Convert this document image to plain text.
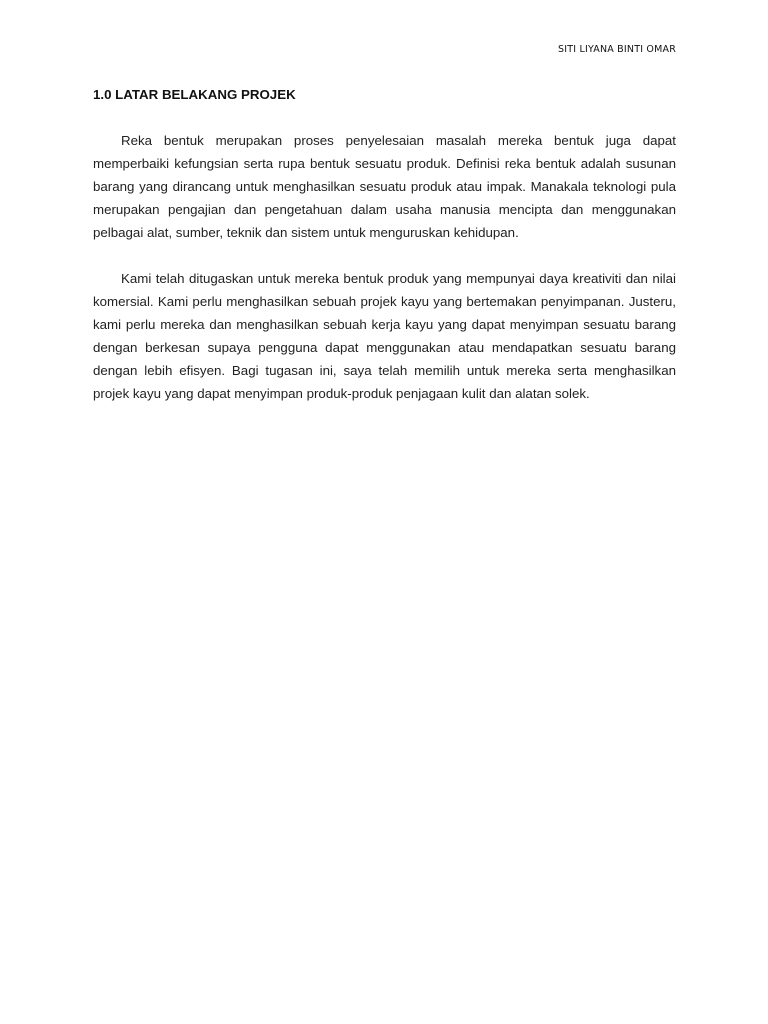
SITI LIYANA BINTI OMAR
1.0 LATAR BELAKANG PROJEK

Reka bentuk merupakan proses penyelesaian masalah mereka bentuk juga dapat memperbaiki kefungsian serta rupa bentuk sesuatu produk. Definisi reka bentuk adalah susunan barang yang dirancang untuk menghasilkan sesuatu produk atau impak. Manakala teknologi pula merupakan pengajian dan pengetahuan dalam usaha manusia mencipta dan menggunakan pelbagai alat, sumber, teknik dan sistem untuk menguruskan kehidupan.

Kami telah ditugaskan untuk mereka bentuk produk yang mempunyai daya kreativiti dan nilai komersial. Kami perlu menghasilkan sebuah projek kayu yang bertemakan penyimpanan. Justeru, kami perlu mereka dan menghasilkan sebuah kerja kayu yang dapat menyimpan sesuatu barang dengan berkesan supaya pengguna dapat menggunakan atau mendapatkan sesuatu barang dengan lebih efisyen. Bagi tugasan ini, saya telah memilih untuk mereka serta menghasilkan projek kayu yang dapat menyimpan produk-produk penjagaan kulit dan alatan solek.
